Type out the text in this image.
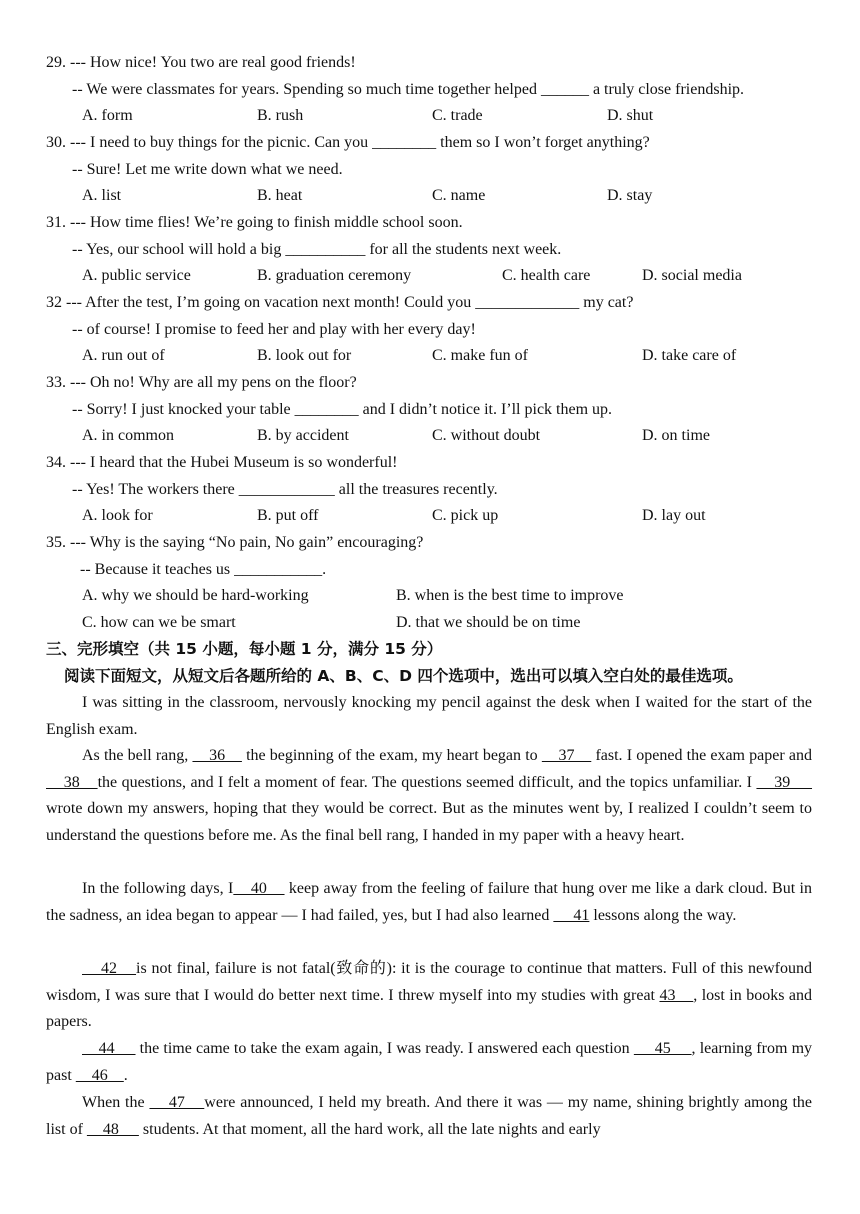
29. --- How nice! You two are real good friends!
-- We were classmates for years. Spending so much time together helped ______ a truly close friendship.
A. form	B. rush	C. trade	D. shut
30. --- I need to buy things for the picnic. Can you ________ them so I won’t forget anything?
-- Sure! Let me write down what we need.
A. list	B. heat	C. name	D. stay
31. --- How time flies! We’re going to finish middle school soon.
-- Yes, our school will hold a big __________ for all the students next week.
A. public service	B. graduation ceremony	C. health care	D. social media
32 --- After the test, I’m going on vacation next month! Could you _____________ my cat?
-- of course! I promise to feed her and play with her every day!
A. run out of	B. look out for	C. make fun of	D. take care of
33. --- Oh no! Why are all my pens on the floor?
-- Sorry! I just knocked your table ________ and I didn’t notice it. I’ll pick them up.
A. in common	B. by accident	C. without doubt	D. on time
34. --- I heard that the Hubei Museum is so wonderful!
-- Yes! The workers there ____________ all the treasures recently.
A. look for	B. put off	C. pick up	D. lay out
35. --- Why is the saying “No pain, No gain” encouraging?
-- Because it teaches us ___________.
A. why we should be hard-working	B. when is the best time to improve
C. how can we be smart	D. that we should be on time
三、完形填空（共 15 小题，每小题 1 分，满分 15 分）
阅读下面短文，从短文后各题所给的 A、B、C、D 四个选项中，选出可以填入空白处的最佳选项。
I was sitting in the classroom, nervously knocking my pencil against the desk when I waited for the start of the English exam.
As the bell rang,     36     the beginning of the exam, my heart began to     37     fast. I opened the exam paper and     38    the questions, and I felt a moment of fear. The questions seemed difficult, and the topics unfamiliar. I     39      wrote down my answers, hoping that they would be correct. But as the minutes went by, I realized I couldn’t seem to understand the questions before me. As the final bell rang, I handed in my paper with a heavy heart.
In the following days, I    40     keep away from the feeling of failure that hung over me like a dark cloud. But in the sadness, an idea began to appear — I had failed, yes, but I had also learned      41 lessons along the way.
42    is not final, failure is not fatal(致命的): it is the courage to continue that matters. Full of this newfound wisdom, I was sure that I would do better next time. I threw myself into my studies with great 43    , lost in books and papers.
44      the time came to take the exam again, I was ready. I answered each question      45     , learning from my past     46    .
When the     47    were announced, I held my breath. And there it was — my name, shining brightly among the list of     48      students. At that moment, all the hard work, all the late nights and early
